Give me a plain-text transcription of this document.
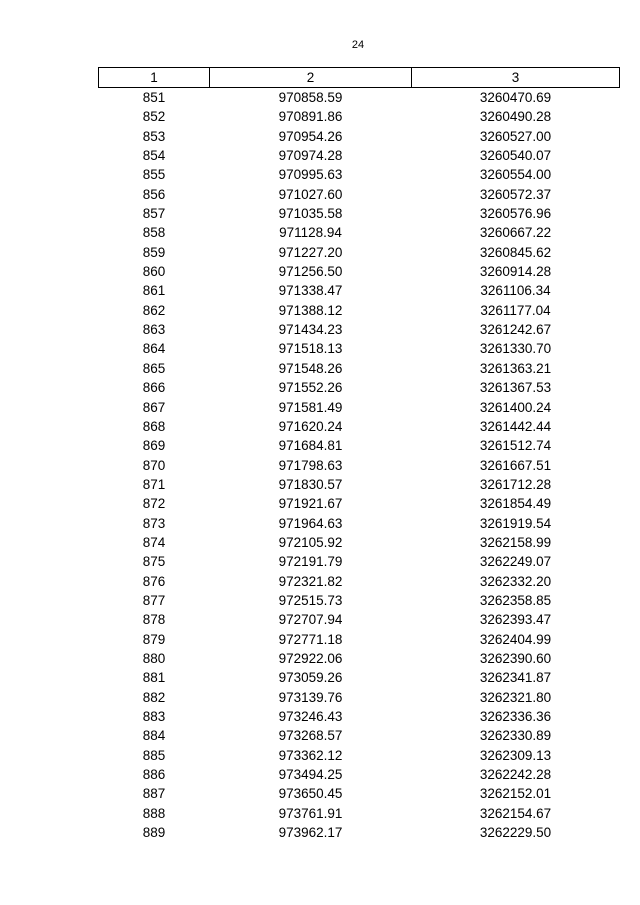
24
1	2	3
851	970858.59	3260470.69
852	970891.86	3260490.28
853	970954.26	3260527.00
854	970974.28	3260540.07
855	970995.63	3260554.00
856	971027.60	3260572.37
857	971035.58	3260576.96
858	971128.94	3260667.22
859	971227.20	3260845.62
860	971256.50	3260914.28
861	971338.47	3261106.34
862	971388.12	3261177.04
863	971434.23	3261242.67
864	971518.13	3261330.70
865	971548.26	3261363.21
866	971552.26	3261367.53
867	971581.49	3261400.24
868	971620.24	3261442.44
869	971684.81	3261512.74
870	971798.63	3261667.51
871	971830.57	3261712.28
872	971921.67	3261854.49
873	971964.63	3261919.54
874	972105.92	3262158.99
875	972191.79	3262249.07
876	972321.82	3262332.20
877	972515.73	3262358.85
878	972707.94	3262393.47
879	972771.18	3262404.99
880	972922.06	3262390.60
881	973059.26	3262341.87
882	973139.76	3262321.80
883	973246.43	3262336.36
884	973268.57	3262330.89
885	973362.12	3262309.13
886	973494.25	3262242.28
887	973650.45	3262152.01
888	973761.91	3262154.67
889	973962.17	3262229.50
